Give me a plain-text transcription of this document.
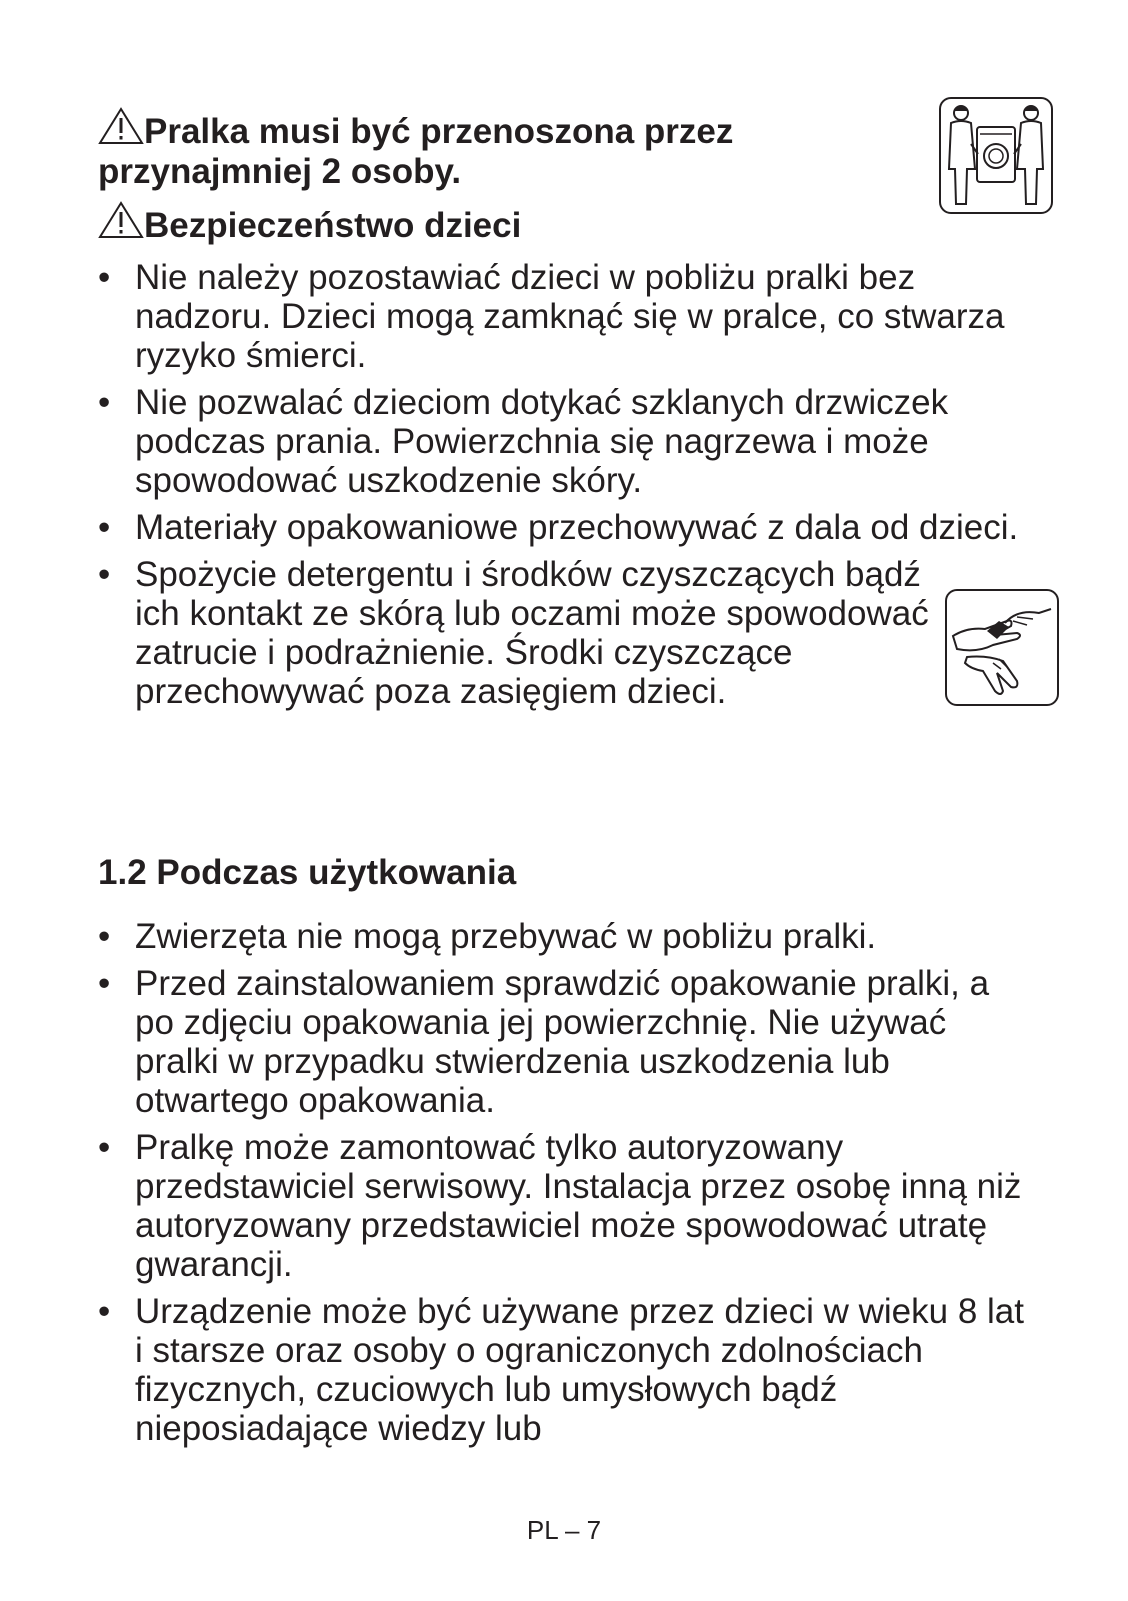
Pralka musi być przenoszona przez przynajmniej 2 osoby.
Bezpieczeństwo dzieci
• Nie należy pozostawiać dzieci w pobliżu pralki bez nadzoru. Dzieci mogą zamknąć się w pralce, co stwarza ryzyko śmierci.
• Nie pozwalać dzieciom dotykać szklanych drzwiczek podczas prania. Powierzchnia się nagrzewa i może spowodować uszkodzenie skóry.
• Materiały opakowaniowe przechowywać z dala od dzieci.
• Spożycie detergentu i środków czyszczących bądź ich kontakt ze skórą lub oczami może spowodować zatrucie i podrażnienie. Środki czyszczące przechowywać poza zasięgiem dzieci.
1.2 Podczas użytkowania
• Zwierzęta nie mogą przebywać w pobliżu pralki.
• Przed zainstalowaniem sprawdzić opakowanie pralki, a po zdjęciu opakowania jej powierzchnię. Nie używać pralki w przypadku stwierdzenia uszkodzenia lub otwartego opakowania.
• Pralkę może zamontować tylko autoryzowany przedstawiciel serwisowy. Instalacja przez osobę inną niż autoryzowany przedstawiciel może spowodować utratę gwarancji.
• Urządzenie może być używane przez dzieci w wieku 8 lat i starsze oraz osoby o ograniczonych zdolnościach fizycznych, czuciowych lub umysłowych bądź nieposiadające wiedzy lub
PL – 7
